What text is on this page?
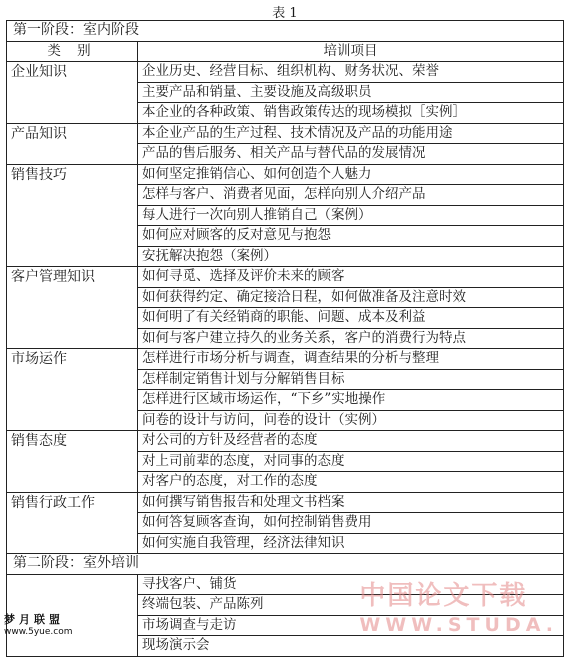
表 1
第一阶段：室内阶段	
类 别	培训项目
企业知识	企业历史、经营目标、组织机构、财务状况、荣誉
	主要产品和销量、主要设施及高级职员
	本企业的各种政策、销售政策传达的现场模拟［实例］
产品知识	本企业产品的生产过程、技术情况及产品的功能用途
	产品的售后服务、相关产品与替代品的发展情况
销售技巧	如何坚定推销信心、如何创造个人魅力
	怎样与客户、消费者见面，怎样向别人介绍产品
	每人进行一次向别人推销自己（案例）
	如何应对顾客的反对意见与抱怨
	安抚解决抱怨（案例）
客户管理知识	如何寻觅、选择及评价未来的顾客
	如何获得约定、确定接洽日程，如何做准备及注意时效
	如何明了有关经销商的职能、问题、成本及利益
	如何与客户建立持久的业务关系，客户的消费行为特点
市场运作	怎样进行市场分析与调查，调查结果的分析与整理
	怎样制定销售计划与分解销售目标
	怎样进行区域市场运作，“下乡”实地操作
	问卷的设计与访问，问卷的设计（实例）
销售态度	对公司的方针及经营者的态度
	对上司前辈的态度，对同事的态度
	对客户的态度，对工作的态度
销售行政工作	如何撰写销售报告和处理文书档案
	如何答复顾客查询，如何控制销售费用
	如何实施自我管理，经济法律知识
第二阶段：室外培训	
	寻找客户、铺货
	终端包装、产品陈列
	市场调查与走访
	现场演示会
中国论文下载
WWW.STUDA.
梦月联盟
www.5yue.com
